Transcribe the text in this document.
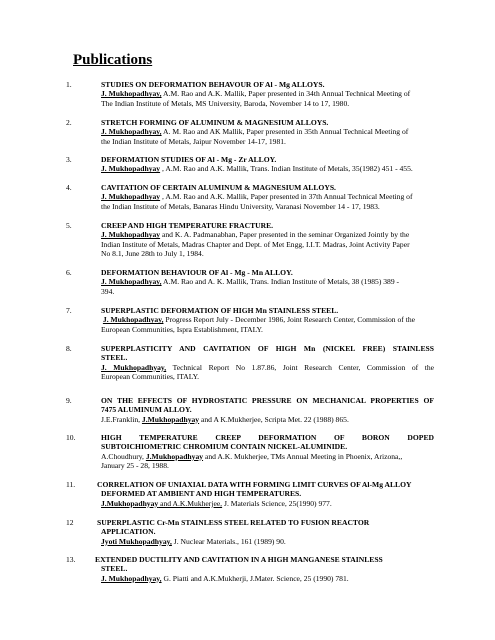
Publications
1.	STUDIES ON DEFORMATION BEHAVOUR OF Al - Mg ALLOYS.
J. Mukhopadhyay, A.M. Rao and A.K. Mallik, Paper presented in 34th Annual Technical Meeting of
The Indian Institute of Metals, MS University, Baroda, November 14 to 17, 1980.
2.	STRETCH FORMING OF ALUMINUM & MAGNESIUM ALLOYS.
J. Mukhopadhyay, A. M. Rao and AK Mallik, Paper presented in 35th Annual Technical Meeting of
the Indian Institute of Metals, Jaipur November 14-17, 1981.
3.	DEFORMATION STUDIES OF Al - Mg - Zr ALLOY.
J. Mukhopadhyay , A.M. Rao and A.K. Mallik, Trans. Indian Institute of Metals, 35(1982) 451 - 455.
4.	CAVITATION OF CERTAIN ALUMINUM & MAGNESIUM ALLOYS.
J. Mukhopadhyay , A.M. Rao and A.K. Mallik, Paper presented in 37th Annual Technical Meeting of
the Indian Institute of Metals, Banaras Hindu University, Varanasi November 14 - 17, 1983.
5.	CREEP AND HIGH TEMPERATURE FRACTURE.
J. Mukhopadhyay and K. A. Padmanabhan, Paper presented in the seminar Organized Jointly by the
Indian Institute of Metals, Madras Chapter and Dept. of Met Engg, I.I.T. Madras, Joint Activity Paper
No 8.1, June 28th to July 1, 1984.
6.	DEFORMATION BEHAVIOUR OF Al - Mg - Mn ALLOY.
J. Mukhopadhyay, A.M. Rao and A. K. Mallik, Trans. Indian Institute of Metals, 38 (1985) 389 -
394.
7.	SUPERPLASTIC DEFORMATION OF HIGH Mn STAINLESS STEEL.
J. Mukhopadhyay, Progress Report July - December 1986, Joint Research Center, Commission of the
European Communities, Ispra Establishment, ITALY.
8.	SUPERPLASTICITY AND CAVITATION OF HIGH Mn (NICKEL FREE) STAINLESS
STEEL.
J. Mukhopadhyay, Technical Report No 1.87.86, Joint Research Center, Commission of the
European Communities, ITALY.
9.	ON THE EFFECTS OF HYDROSTATIC PRESSURE ON MECHANICAL PROPERTIES OF
7475 ALUMINUM ALLOY.
J.E.Franklin, J.Mukhopadhyay and A K.Mukherjee, Scripta Met. 22 (1988) 865.
10.	HIGH TEMPERATURE CREEP DEFORMATION OF BORON DOPED
SUBTOICHIOMETRIC CHROMIUM CONTAIN NICKEL-ALUMINIDE.
A.Choudhury, J.Mukhopadhyay and A.K. Mukherjee, TMs Annual Meeting in Phoenix, Arizona,,
January 25 - 28, 1988.
11.	CORRELATION OF UNIAXIAL DATA WITH FORMING LIMIT CURVES OF Al-Mg ALLOY
DEFORMED AT AMBIENT AND HIGH TEMPERATURES.
J.Mukhopadhyay and A.K.Mukherjee, J. Materials Science, 25(1990) 977.
12	SUPERPLASTIC Cr-Mn STAINLESS STEEL RELATED TO FUSION REACTOR
APPLICATION.
Jyoti Mukhopadhyay, J. Nuclear Materials., 161 (1989) 90.
13.	EXTENDED DUCTILITY AND CAVITATION IN A HIGH MANGANESE STAINLESS
STEEL.
J. Mukhopadhyay, G. Piatti and A.K.Mukherji, J.Mater. Science, 25 (1990) 781.
